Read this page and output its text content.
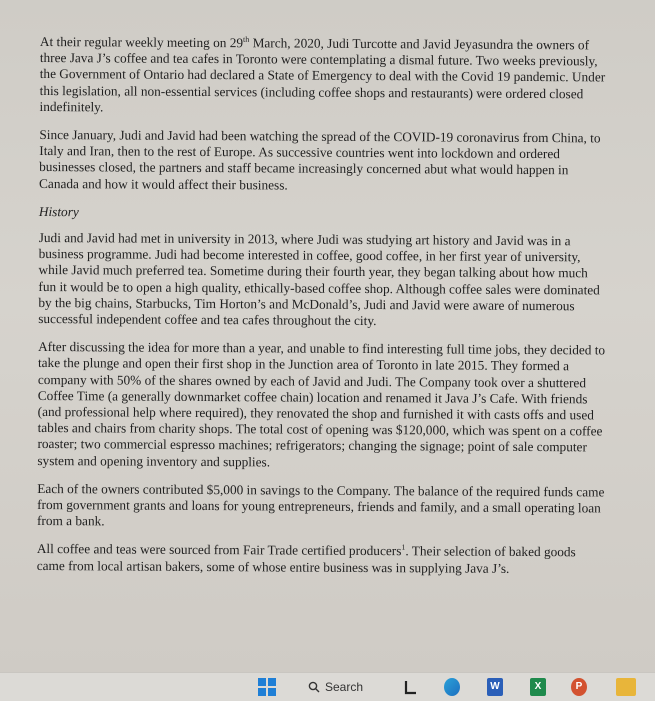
At their regular weekly meeting on 29th March, 2020, Judi Turcotte and Javid Jeyasundra the owners of three Java J’s coffee and tea cafes in Toronto were contemplating a dismal future. Two weeks previously, the Government of Ontario had declared a State of Emergency to deal with the Covid 19 pandemic. Under this legislation, all non-essential services (including coffee shops and restaurants) were ordered closed indefinitely.

Since January, Judi and Javid had been watching the spread of the COVID-19 coronavirus from China, to Italy and Iran, then to the rest of Europe. As successive countries went into lockdown and ordered businesses closed, the partners and staff became increasingly concerned abut what would happen in Canada and how it would affect their business.

History

Judi and Javid had met in university in 2013, where Judi was studying art history and Javid was in a business programme. Judi had become interested in coffee, good coffee, in her first year of university, while Javid much preferred tea. Sometime during their fourth year, they began talking about how much fun it would be to open a high quality, ethically-based coffee shop. Although coffee sales were dominated by the big chains, Starbucks, Tim Horton’s and McDonald’s, Judi and Javid were aware of numerous successful independent coffee and tea cafes throughout the city.

After discussing the idea for more than a year, and unable to find interesting full time jobs, they decided to take the plunge and open their first shop in the Junction area of Toronto in late 2015. They formed a company with 50% of the shares owned by each of Javid and Judi. The Company took over a shuttered Coffee Time (a generally downmarket coffee chain) location and renamed it Java J’s Cafe. With friends (and professional help where required), they renovated the shop and furnished it with casts offs and used tables and chairs from charity shops. The total cost of opening was $120,000, which was spent on a coffee roaster; two commercial espresso machines; refrigerators; changing the signage; point of sale computer system and opening inventory and supplies.

Each of the owners contributed $5,000 in savings to the Company. The balance of the required funds came from government grants and loans for young entrepreneurs, friends and family, and a small operating loan from a bank.

All coffee and teas were sourced from Fair Trade certified producers$^1$. Their selection of baked goods came from local artisan bakers, some of whose entire business was in supplying Java J’s.

Search	W	X	P
